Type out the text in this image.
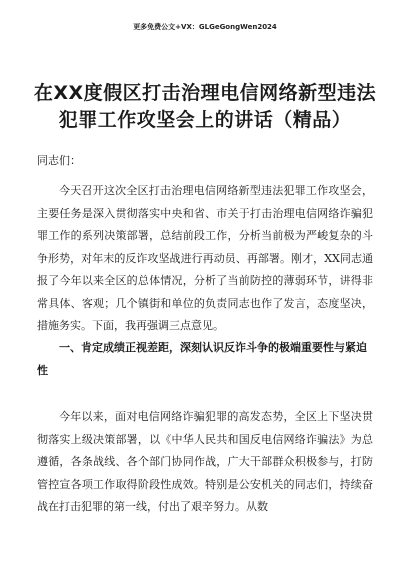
更多免费公文+VX：GLGeGongWen2024
在XX度假区打击治理电信网络新型违法犯罪工作攻坚会上的讲话（精品）
同志们：

今天召开这次全区打击治理电信网络新型违法犯罪工作攻坚会，主要任务是深入贯彻落实中央和省、市关于打击治理电信网络诈骗犯罪工作的系列决策部署，总结前段工作，分析当前极为严峻复杂的斗争形势，对年末的反诈攻坚战进行再动员、再部署。刚才，XX同志通报了今年以来全区的总体情况，分析了当前防控的薄弱环节，讲得非常具体、客观；几个镇街和单位的负责同志也作了发言，态度坚决，措施务实。下面，我再强调三点意见。

一、肯定成绩正视差距，深刻认识反诈斗争的极端重要性与紧迫性

今年以来，面对电信网络诈骗犯罪的高发态势，全区上下坚决贯彻落实上级决策部署，以《中华人民共和国反电信网络诈骗法》为总遵循，各条战线、各个部门协同作战，广大干部群众积极参与，打防管控宣各项工作取得阶段性成效。特别是公安机关的同志们，持续奋战在打击犯罪的第一线，付出了艰辛努力。从数
